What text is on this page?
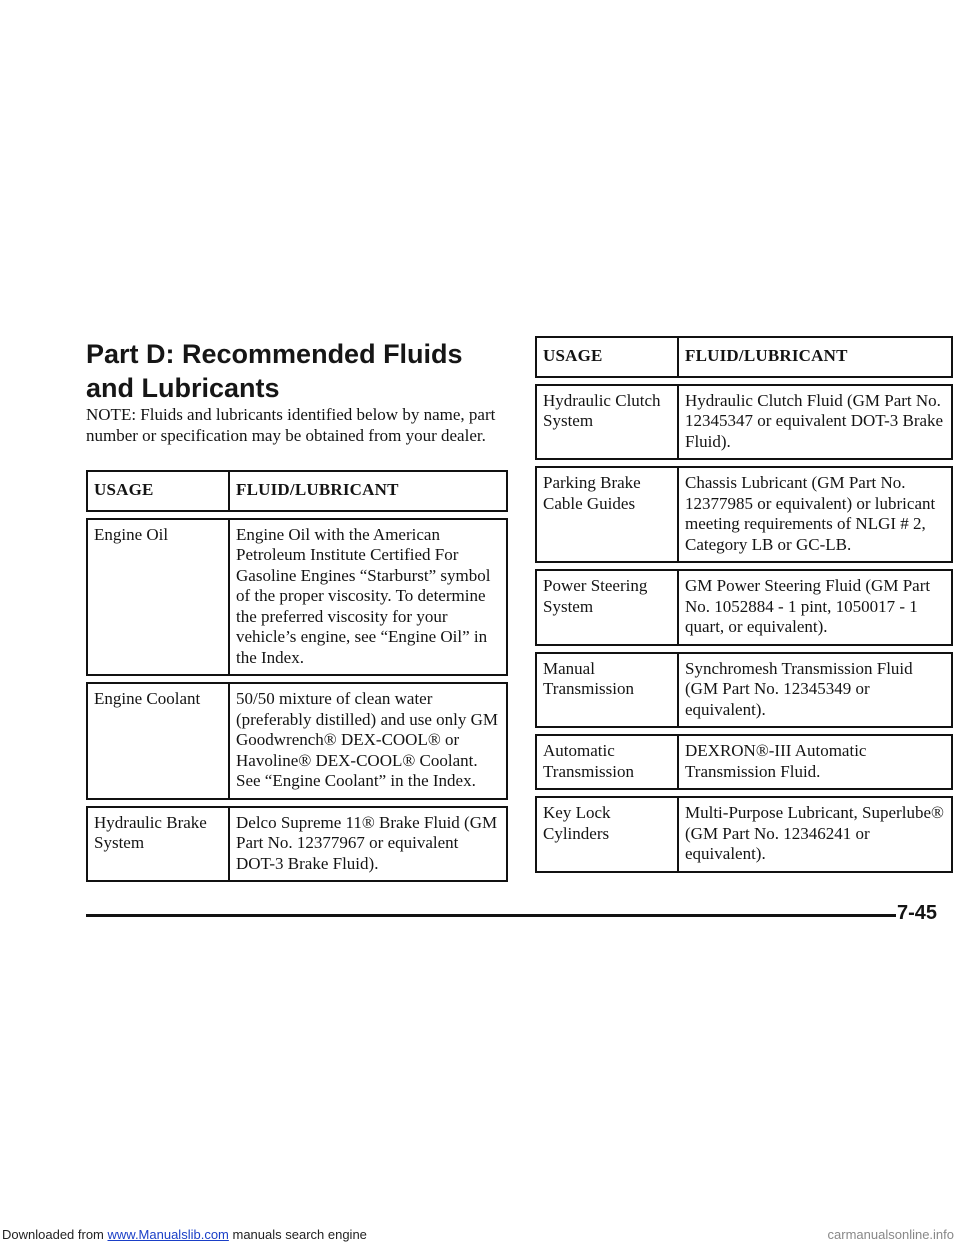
Part D: Recommended Fluids and Lubricants

NOTE: Fluids and lubricants identified below by name, part number or specification may be obtained from your dealer.

USAGE	FLUID/LUBRICANT

Engine Oil	Engine Oil with the American Petroleum Institute Certified For Gasoline Engines “Starburst” symbol of the proper viscosity. To determine the preferred viscosity for your vehicle’s engine, see “Engine Oil” in the Index.

Engine Coolant	50/50 mixture of clean water (preferably distilled) and use only GM Goodwrench® DEX-COOL® or Havoline® DEX-COOL® Coolant. See “Engine Coolant” in the Index.

Hydraulic Brake System	Delco Supreme 11® Brake Fluid (GM Part No. 12377967 or equivalent DOT-3 Brake Fluid).
USAGE	FLUID/LUBRICANT

Hydraulic Clutch System	Hydraulic Clutch Fluid (GM Part No. 12345347 or equivalent DOT-3 Brake Fluid).

Parking Brake Cable Guides	Chassis Lubricant (GM Part No. 12377985 or equivalent) or lubricant meeting requirements of NLGI # 2, Category LB or GC-LB.

Power Steering System	GM Power Steering Fluid (GM Part No. 1052884 - 1 pint, 1050017 - 1 quart, or equivalent).

Manual Transmission	Synchromesh Transmission Fluid (GM Part No. 12345349 or equivalent).

Automatic Transmission	DEXRON®-III Automatic Transmission Fluid.

Key Lock Cylinders	Multi-Purpose Lubricant, Superlube® (GM Part No. 12346241 or equivalent).

7-45

Downloaded from www.Manualslib.com manuals search engine	carmanualsonline.info
